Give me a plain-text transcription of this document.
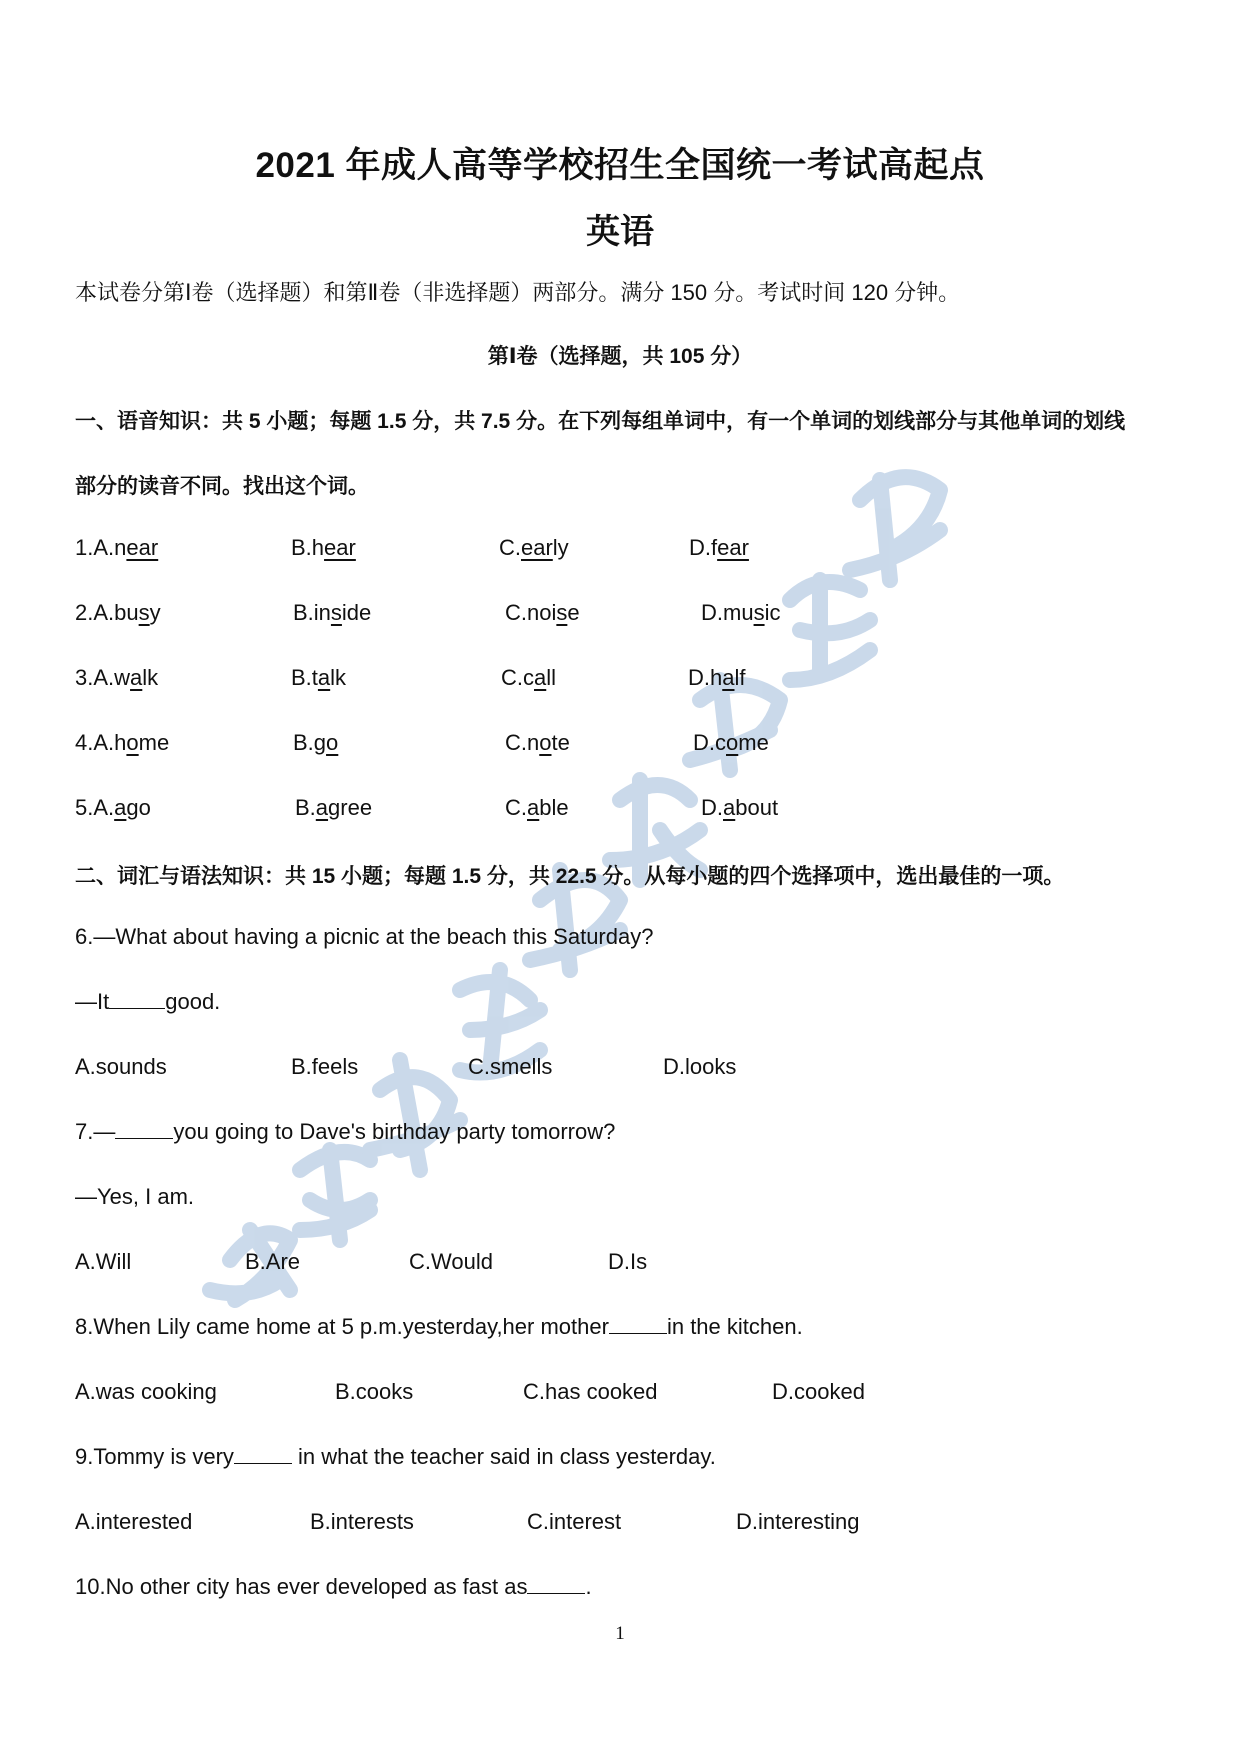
2021 年成人高等学校招生全国统一考试高起点
英语

本试卷分第Ⅰ卷（选择题）和第Ⅱ卷（非选择题）两部分。满分 150 分。考试时间 120 分钟。

第Ⅰ卷（选择题，共 105 分）

一、语音知识：共 5 小题；每题 1.5 分，共 7.5 分。在下列每组单词中，有一个单词的划线部分与其他单词的划线

部分的读音不同。找出这个词。

1.A.near	B.hear	C.early	D.fear

2.A.busy	B.inside	C.noise	D.music

3.A.walk	B.talk	C.call	D.half

4.A.home	B.go	C.note	D.come

5.A.ago	B.agree	C.able	D.about

二、词汇与语法知识：共 15 小题；每题 1.5 分，共 22.5 分。从每小题的四个选择项中，选出最佳的一项。

6.—What about having a picnic at the beach this Saturday?

—It	good.

A.sounds	B.feels	C.smells	D.looks

7.—	you going to Dave's birthday party tomorrow?

—Yes, I am.

A.Will	B.Are	C.Would	D.Is

8.When Lily came home at 5 p.m.yesterday,her mother	in the kitchen.

A.was cooking	B.cooks	C.has cooked	D.cooked

9.Tommy is very	in what the teacher said in class yesterday.

A.interested	B.interests	C.interest	D.interesting

10.No other city has ever developed as fast as	.

1
